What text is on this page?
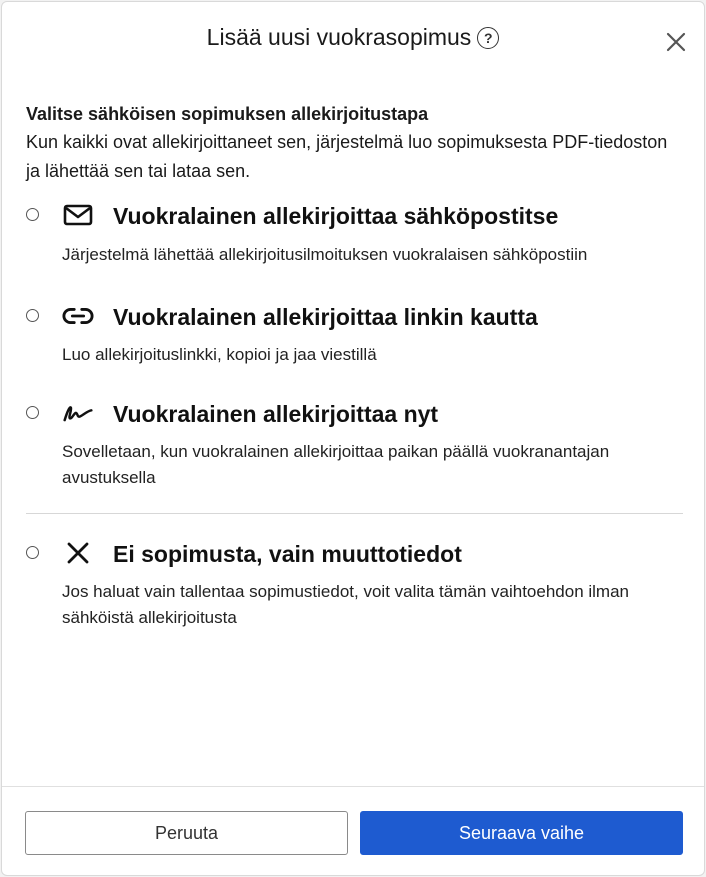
Lisää uusi vuokrasopimus ?
Valitse sähköisen sopimuksen allekirjoitustapa
Kun kaikki ovat allekirjoittaneet sen, järjestelmä luo sopimuksesta PDF-tiedoston
ja lähettää sen tai lataa sen.
Vuokralainen allekirjoittaa sähköpostitse
Järjestelmä lähettää allekirjoitusilmoituksen vuokralaisen sähköpostiin
Vuokralainen allekirjoittaa linkin kautta
Luo allekirjoituslinkki, kopioi ja jaa viestillä
Vuokralainen allekirjoittaa nyt
Sovelletaan, kun vuokralainen allekirjoittaa paikan päällä vuokranantajan
avustuksella
Ei sopimusta, vain muuttotiedot
Jos haluat vain tallentaa sopimustiedot, voit valita tämän vaihtoehdon ilman
sähköistä allekirjoitusta
Peruuta	Seuraava vaihe
